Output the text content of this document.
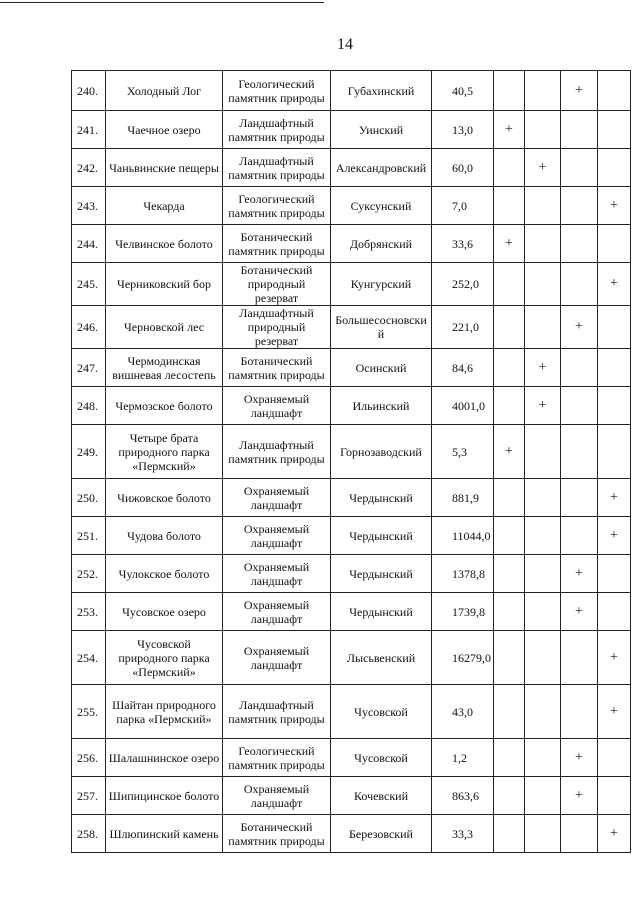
14
240.	Холодный Лог	Геологический памятник природы	Губахинский	40,5			+	
241.	Чаечное озеро	Ландшафтный памятник природы	Уинский	13,0	+			
242.	Чаньвинские пещеры	Ландшафтный памятник природы	Александровский	60,0		+		
243.	Чекарда	Геологический памятник природы	Суксунский	7,0				+
244.	Челвинское болото	Ботанический памятник природы	Добрянский	33,6	+			
245.	Черниковский бор	Ботанический природный резерват	Кунгурский	252,0				+
246.	Черновской лес	Ландшафтный природный резерват	Большесосновски й	221,0			+	
247.	Чермодинская вишневая лесостепь	Ботанический памятник природы	Осинский	84,6		+		
248.	Чермозское болото	Охраняемый ландшафт	Ильинский	4001,0		+		
249.	Четыре брата природного парка «Пермский»	Ландшафтный памятник природы	Горнозаводский	5,3	+			
250.	Чижовское болото	Охраняемый ландшафт	Чердынский	881,9				+
251.	Чудова болото	Охраняемый ландшафт	Чердынский	11044,0				+
252.	Чулокское болото	Охраняемый ландшафт	Чердынский	1378,8			+	
253.	Чусовское озеро	Охраняемый ландшафт	Чердынский	1739,8			+	
254.	Чусовской природного парка «Пермский»	Охраняемый ландшафт	Лысьвенский	16279,0				+
255.	Шайтан природного парка «Пермский»	Ландшафтный памятник природы	Чусовской	43,0				+
256.	Шалашнинское озеро	Геологический памятник природы	Чусовской	1,2			+	
257.	Шипицинское болото	Охраняемый ландшафт	Кочевский	863,6			+	
258.	Шлюпинский камень	Ботанический памятник природы	Березовский	33,3				+
